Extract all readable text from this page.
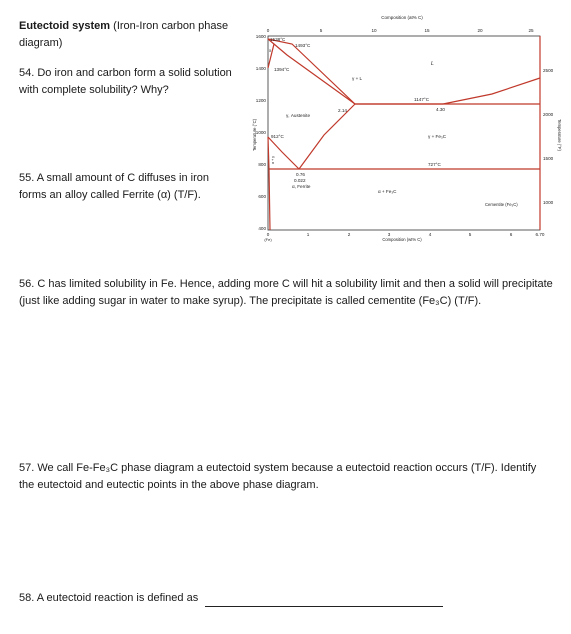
Eutectoid system (Iron-Iron carbon phase diagram)
54. Do iron and carbon form a solid solution with complete solubility? Why?
55. A small amount of C diffuses in iron forms an alloy called Ferrite (α) (T/F).
Composition (at% C)
0	5	10	15	20	25
1600
1400
1200
1000
800
600
400
Temperature (°C)
2500
2000
1500
1000
Temperature (°F)
0
(Fe)
1	2	3	4	5	6	6.70
Composition (wt% C)
1538°C
1493°C
1394°C
1147°C
912°C
727°C
2.14	4.30
0.76
0.022
δ
L
γ + L
γ, Austenite
γ + Fe₃C
α + Fe₃C
α, Ferrite
α + γ
Cementite (Fe₃C)
56. C has limited solubility in Fe. Hence, adding more C will hit a solubility limit and then a solid will precipitate (just like adding sugar in water to make syrup). The precipitate is called cementite (Fe₃C) (T/F).
57. We call Fe-Fe₃C phase diagram a eutectoid system because a eutectoid reaction occurs (T/F). Identify the eutectoid and eutectic points in the above phase diagram.
58. A eutectoid reaction is defined as
